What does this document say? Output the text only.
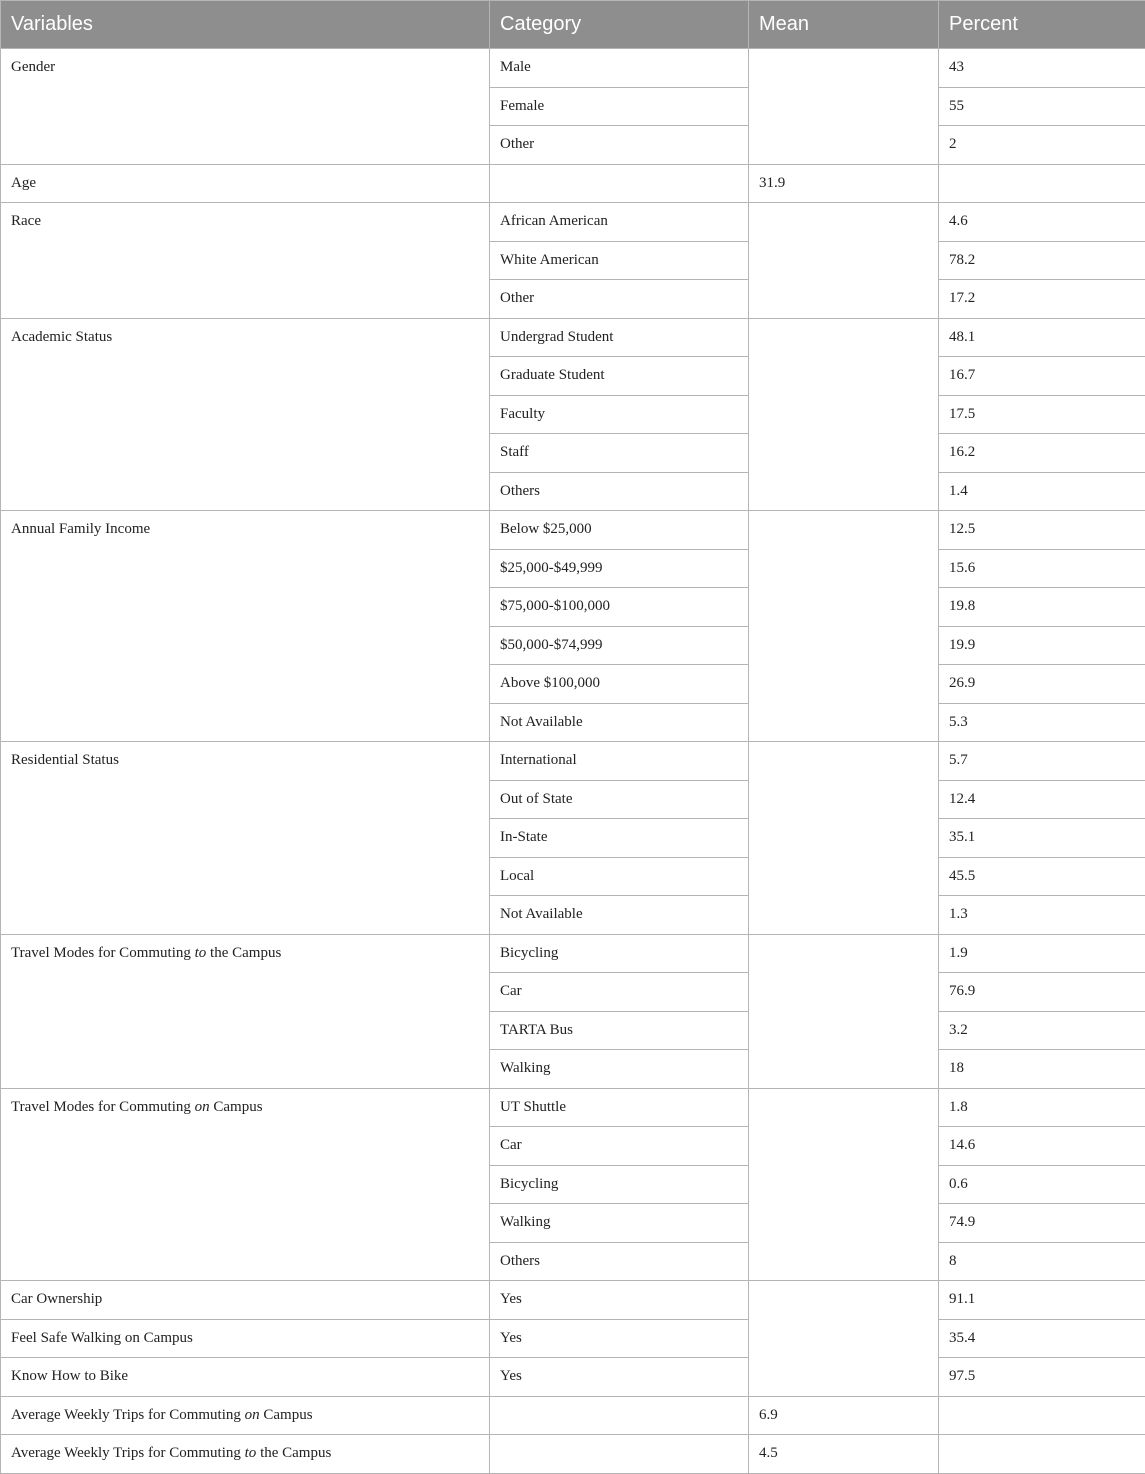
Variables	Category	Mean	Percent
Gender	Male		43
	Female		55
	Other		2
Age		31.9	
Race	African American		4.6
	White American		78.2
	Other		17.2
Academic Status	Undergrad Student		48.1
	Graduate Student		16.7
	Faculty		17.5
	Staff		16.2
	Others		1.4
Annual Family Income	Below $25,000		12.5
	$25,000-$49,999		15.6
	$75,000-$100,000		19.8
	$50,000-$74,999		19.9
	Above $100,000		26.9
	Not Available		5.3
Residential Status	International		5.7
	Out of State		12.4
	In-State		35.1
	Local		45.5
	Not Available		1.3
Travel Modes for Commuting to the Campus	Bicycling		1.9
	Car		76.9
	TARTA Bus		3.2
	Walking		18
Travel Modes for Commuting on Campus	UT Shuttle		1.8
	Car		14.6
	Bicycling		0.6
	Walking		74.9
	Others		8
Car Ownership	Yes		91.1
Feel Safe Walking on Campus	Yes		35.4
Know How to Bike	Yes		97.5
Average Weekly Trips for Commuting on Campus		6.9	
Average Weekly Trips for Commuting to the Campus		4.5	
